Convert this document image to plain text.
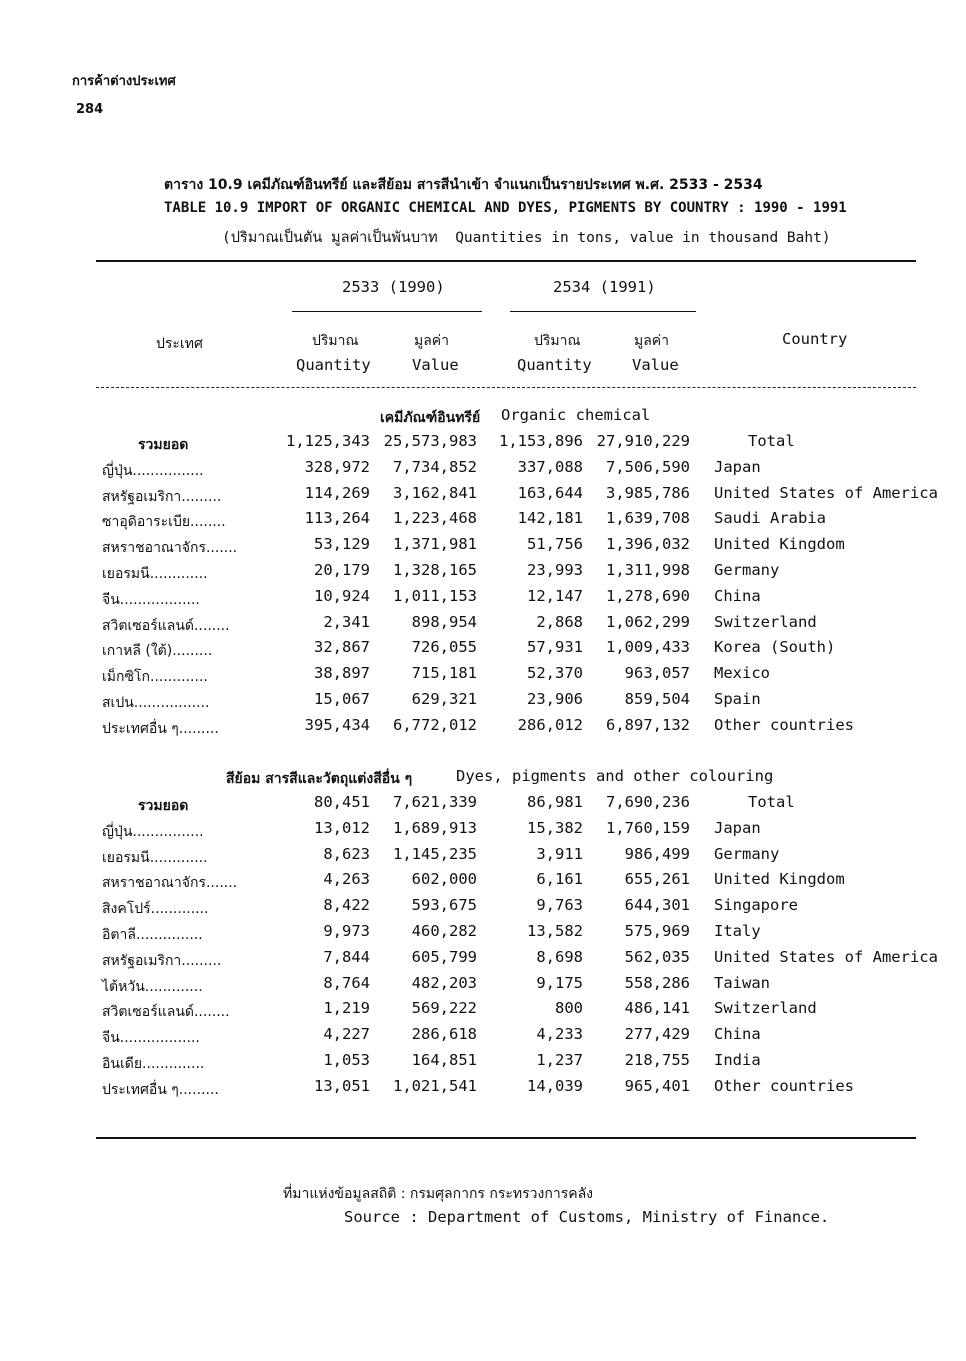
การค้าต่างประเทศ
284
ตาราง 10.9 เคมีภัณฑ์อินทรีย์ และสีย้อม สารสีนำเข้า จำแนกเป็นรายประเทศ พ.ศ. 2533 - 2534
TABLE 10.9 IMPORT OF ORGANIC CHEMICAL AND DYES, PIGMENTS BY COUNTRY : 1990 - 1991
(ปริมาณเป็นตัน มูลค่าเป็นพันบาท  Quantities in tons, value in thousand Baht)
2533 (1990)	2534 (1991)
ประเทศ	ปริมาณ	มูลค่า	ปริมาณ	มูลค่า	Country
Quantity	Value	Quantity	Value
เคมีภัณฑ์อินทรีย์ Organic chemical
รวมยอด	1,125,343 25,573,983	1,153,896 27,910,229	Total
ญี่ปุ่น................	328,972	7,734,852	337,088	7,506,590 Japan
สหรัฐอเมริกา.........	114,269	3,162,841	163,644	3,985,786 United States of America
ซาอุดิอาระเบีย........	113,264	1,223,468	142,181	1,639,708 Saudi Arabia
สหราชอาณาจักร.......	53,129	1,371,981	51,756	1,396,032 United Kingdom
เยอรมนี.............	20,179	1,328,165	23,993	1,311,998 Germany
จีน..................	10,924	1,011,153	12,147	1,278,690 China
สวิตเซอร์แลนด์........	2,341	898,954	2,868	1,062,299 Switzerland
เกาหลี (ใต้).........	32,867	726,055	57,931	1,009,433 Korea (South)
เม็กซิโก.............	38,897	715,181	52,370	963,057 Mexico
สเปน.................	15,067	629,321	23,906	859,504 Spain
ประเทศอื่น ๆ.........	395,434	6,772,012	286,012	6,897,132 Other countries
สีย้อม สารสีและวัตถุแต่งสีอื่น ๆ	Dyes, pigments and other colouring
รวมยอด	80,451	7,621,339	86,981	7,690,236	Total
ญี่ปุ่น................	13,012	1,689,913	15,382	1,760,159 Japan
เยอรมนี.............	8,623	1,145,235	3,911	986,499 Germany
สหราชอาณาจักร.......	4,263	602,000	6,161	655,261 United Kingdom
สิงคโปร์.............	8,422	593,675	9,763	644,301 Singapore
อิตาลี...............	9,973	460,282	13,582	575,969 Italy
สหรัฐอเมริกา.........	7,844	605,799	8,698	562,035 United States of America
ไต้หวัน.............	8,764	482,203	9,175	558,286 Taiwan
สวิตเซอร์แลนด์........	1,219	569,222	800	486,141 Switzerland
จีน..................	4,227	286,618	4,233	277,429 China
อินเดีย..............	1,053	164,851	1,237	218,755 India
ประเทศอื่น ๆ.........	13,051	1,021,541	14,039	965,401 Other countries
ที่มาแห่งข้อมูลสถิติ : กรมศุลกากร กระทรวงการคลัง
Source : Department of Customs, Ministry of Finance.
